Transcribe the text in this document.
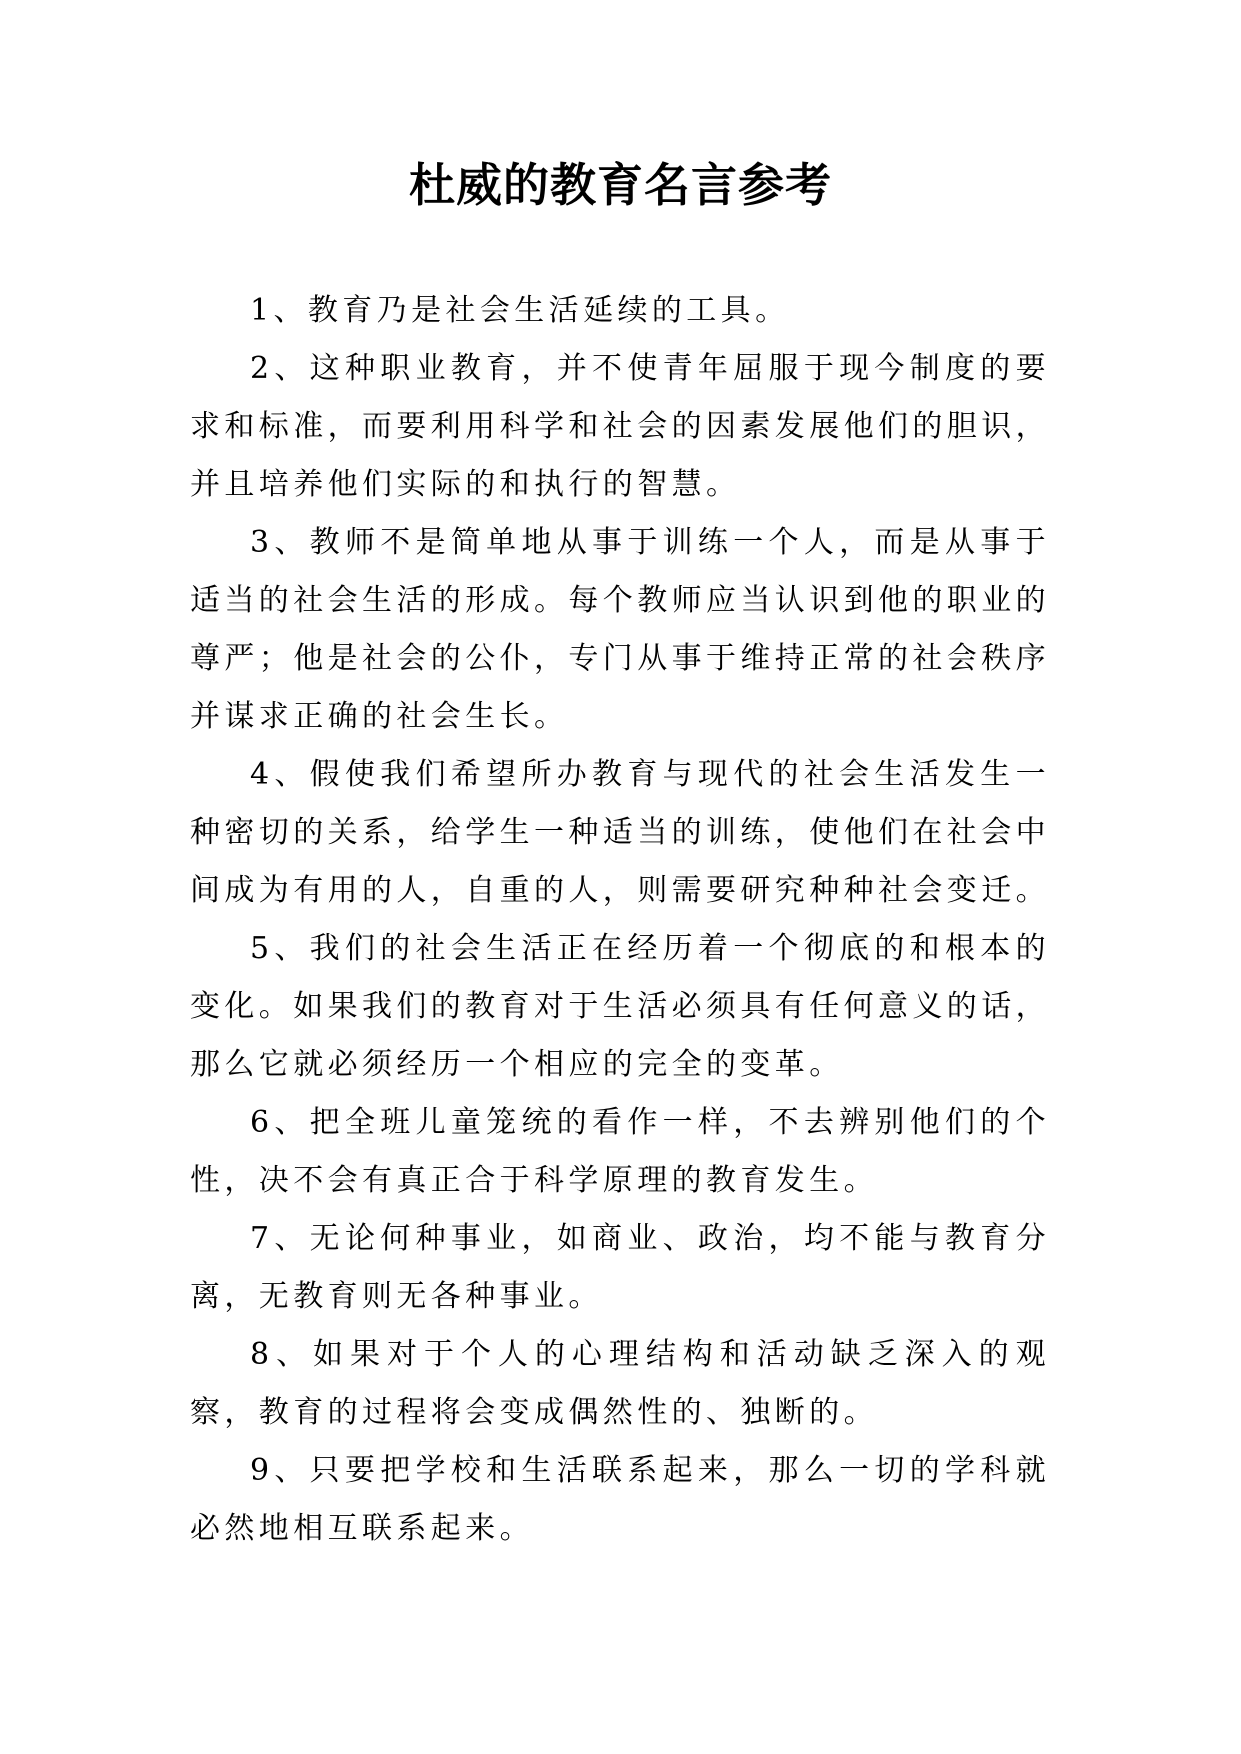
杜威的教育名言参考

1、教育乃是社会生活延续的工具。

2、这种职业教育，并不使青年屈服于现今制度的要求和标准，而要利用科学和社会的因素发展他们的胆识，并且培养他们实际的和执行的智慧。

3、教师不是简单地从事于训练一个人，而是从事于适当的社会生活的形成。每个教师应当认识到他的职业的尊严；他是社会的公仆，专门从事于维持正常的社会秩序并谋求正确的社会生长。

4、假使我们希望所办教育与现代的社会生活发生一种密切的关系，给学生一种适当的训练，使他们在社会中间成为有用的人，自重的人，则需要研究种种社会变迁。

5、我们的社会生活正在经历着一个彻底的和根本的变化。如果我们的教育对于生活必须具有任何意义的话，那么它就必须经历一个相应的完全的变革。

6、把全班儿童笼统的看作一样，不去辨别他们的个性，决不会有真正合于科学原理的教育发生。

7、无论何种事业，如商业、政治，均不能与教育分离，无教育则无各种事业。

8、如果对于个人的心理结构和活动缺乏深入的观察，教育的过程将会变成偶然性的、独断的。

9、只要把学校和生活联系起来，那么一切的学科就必然地相互联系起来。
